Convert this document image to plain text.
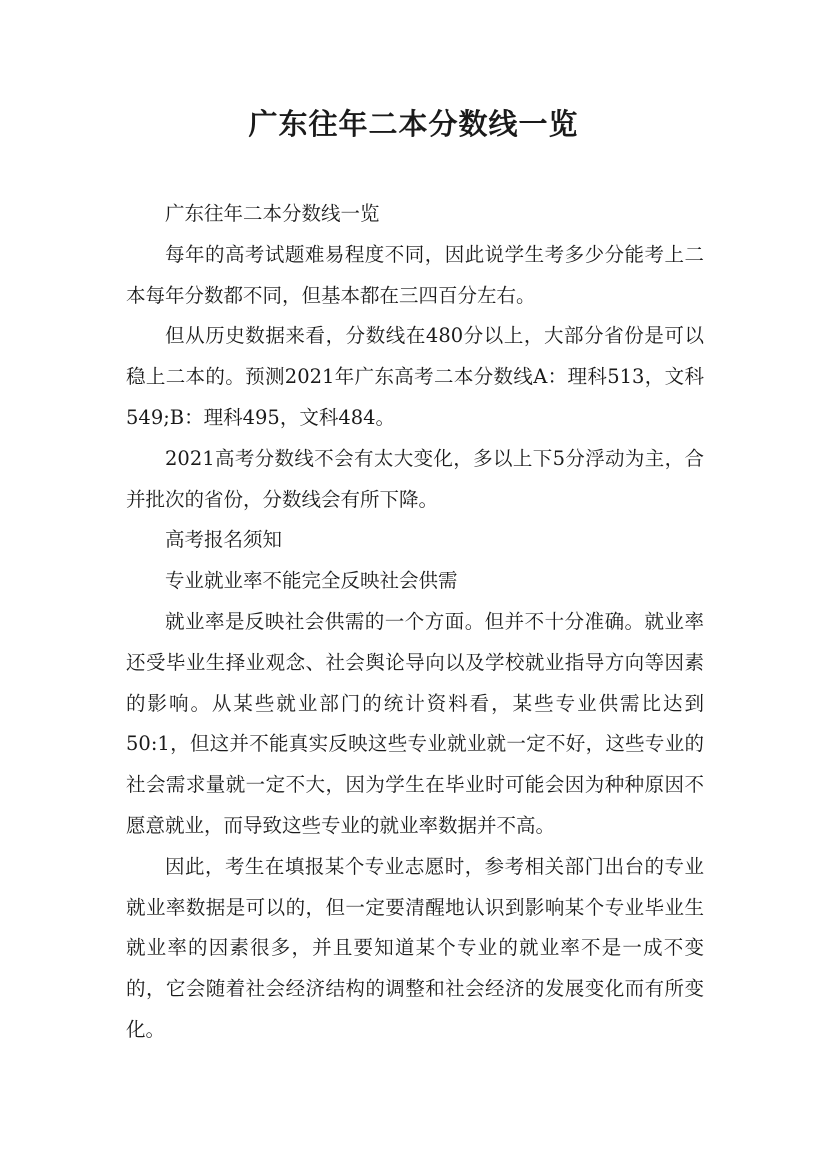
广东往年二本分数线一览

广东往年二本分数线一览

每年的高考试题难易程度不同，因此说学生考多少分能考上二本每年分数都不同，但基本都在三四百分左右。

但从历史数据来看，分数线在480分以上，大部分省份是可以稳上二本的。预测2021年广东高考二本分数线A：理科513，文科549;B：理科495，文科484。

2021高考分数线不会有太大变化，多以上下5分浮动为主，合并批次的省份，分数线会有所下降。

高考报名须知

专业就业率不能完全反映社会供需

就业率是反映社会供需的一个方面。但并不十分准确。就业率还受毕业生择业观念、社会舆论导向以及学校就业指导方向等因素的影响。从某些就业部门的统计资料看，某些专业供需比达到50:1，但这并不能真实反映这些专业就业就一定不好，这些专业的社会需求量就一定不大，因为学生在毕业时可能会因为种种原因不愿意就业，而导致这些专业的就业率数据并不高。

因此，考生在填报某个专业志愿时，参考相关部门出台的专业就业率数据是可以的，但一定要清醒地认识到影响某个专业毕业生就业率的因素很多，并且要知道某个专业的就业率不是一成不变的，它会随着社会经济结构的调整和社会经济的发展变化而有所变化。
